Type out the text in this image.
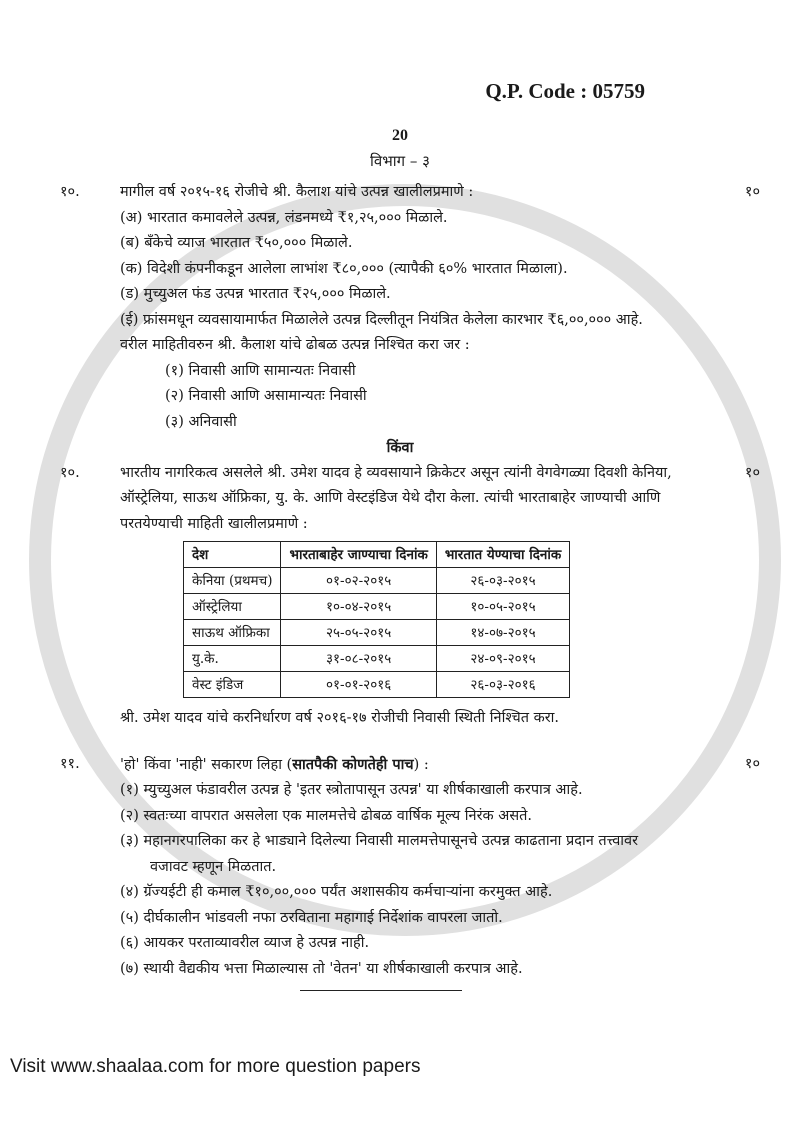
Q.P. Code : 05759
20
विभाग – ३
१०.	मागील वर्ष २०१५-१६ रोजीचे श्री. कैलाश यांचे उत्पन्न खालीलप्रमाणे :	१०
(अ) भारतात कमावलेले उत्पन्न, लंडनमध्ये ₹१,२५,००० मिळाले.
(ब) बँकेचे व्याज भारतात ₹५०,००० मिळाले.
(क) विदेशी कंपनीकडून आलेला लाभांश ₹८०,००० (त्यापैकी ६०% भारतात मिळाला).
(ड) मुच्युअल फंड उत्पन्न भारतात ₹२५,००० मिळाले.
(ई) फ्रांसमधून व्यवसायामार्फत मिळालेले उत्पन्न दिल्लीतून नियंत्रित केलेला कारभार ₹६,००,००० आहे.
वरील माहितीवरुन श्री. कैलाश यांचे ढोबळ उत्पन्न निश्चित करा जर :
(१) निवासी आणि सामान्यतः निवासी
(२) निवासी आणि असामान्यतः निवासी
(३) अनिवासी
किंवा
१०.	भारतीय नागरिकत्व असलेले श्री. उमेश यादव हे व्यवसायाने क्रिकेटर असून त्यांनी वेगवेगळ्या दिवशी केनिया, ऑस्ट्रेलिया, साऊथ ऑफ्रिका, यु. के. आणि वेस्टइंडिज येथे दौरा केला. त्यांची भारताबाहेर जाण्याची आणि परतयेण्याची माहिती खालीलप्रमाणे :
१०
देश	भारताबाहेर जाण्याचा दिनांक	भारतात येण्याचा दिनांक
केनिया (प्रथमच)	०१-०२-२०१५	२६-०३-२०१५
ऑस्ट्रेलिया	१०-०४-२०१५	१०-०५-२०१५
साऊथ ऑफ्रिका	२५-०५-२०१५	१४-०७-२०१५
यु.के.	३१-०८-२०१५	२४-०९-२०१५
वेस्ट इंडिज	०१-०१-२०१६	२६-०३-२०१६
श्री. उमेश यादव यांचे करनिर्धारण वर्ष २०१६-१७ रोजीची निवासी स्थिती निश्चित करा.
११.	'हो' किंवा 'नाही' सकारण लिहा (सातपैकी कोणतेही पाच) :	१०
(१) म्युच्युअल फंडावरील उत्पन्न हे 'इतर स्त्रोतापासून उत्पन्न' या शीर्षकाखाली करपात्र आहे.
(२) स्वतःच्या वापरात असलेला एक मालमत्तेचे ढोबळ वार्षिक मूल्य निरंक असते.
(३) महानगरपालिका कर हे भाड्याने दिलेल्या निवासी मालमत्तेपासूनचे उत्पन्न काढताना प्रदान तत्त्वावर
वजावट म्हणून मिळतात.
(४) ग्रॅज्यईटी ही कमाल ₹१०,००,००० पर्यंत अशासकीय कर्मचाऱ्यांना करमुक्त आहे.
(५) दीर्घकालीन भांडवली नफा ठरविताना महागाई निर्देशांक वापरला जातो.
(६) आयकर परताव्यावरील व्याज हे उत्पन्न नाही.
(७) स्थायी वैद्यकीय भत्ता मिळाल्यास तो 'वेतन' या शीर्षकाखाली करपात्र आहे.
Visit www.shaalaa.com for more question papers
